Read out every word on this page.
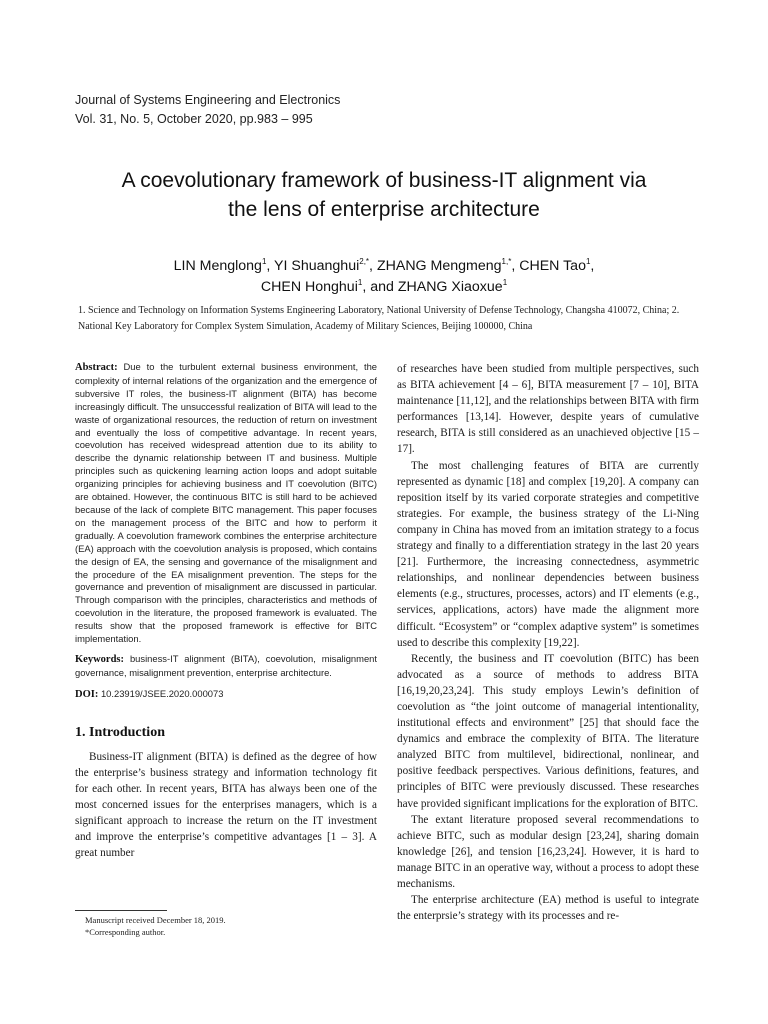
Journal of Systems Engineering and Electronics
Vol. 31, No. 5, October 2020, pp.983 – 995
A coevolutionary framework of business-IT alignment via
the lens of enterprise architecture
LIN Menglong$^1$, YI Shuanghui$^{2,*}$, ZHANG Mengmeng$^{1,*}$, CHEN Tao$^1$,
CHEN Honghui$^1$, and ZHANG Xiaoxue$^1$
1. Science and Technology on Information Systems Engineering Laboratory, National University of Defense Technology, Changsha 410072, China; 2. National Key Laboratory for Complex System Simulation, Academy of Military Sciences, Beijing 100000, China

Abstract: Due to the turbulent external business environment, the complexity of internal relations of the organization and the emergence of subversive IT roles, the business-IT alignment (BITA) has become increasingly difficult. The unsuccessful realization of BITA will lead to the waste of organizational resources, the reduction of return on investment and eventually the loss of competitive advantage. In recent years, coevolution has received widespread attention due to its ability to describe the dynamic relationship between IT and business. Multiple principles such as quickening learning action loops and adopt suitable organizing principles for achieving business and IT coevolution (BITC) are obtained. However, the continuous BITC is still hard to be achieved because of the lack of complete BITC management. This paper focuses on the management process of the BITC and how to perform it gradually. A coevolution framework combines the enterprise architecture (EA) approach with the coevolution analysis is proposed, which contains the design of EA, the sensing and governance of the misalignment and the procedure of the EA misalignment prevention. The steps for the governance and prevention of misalignment are discussed in particular. Through comparison with the principles, characteristics and methods of coevolution in the literature, the proposed framework is evaluated. The results show that the proposed framework is effective for BITC implementation.

Keywords: business-IT alignment (BITA), coevolution, misalignment governance, misalignment prevention, enterprise architecture.

DOI: 10.23919/JSEE.2020.000073
1. Introduction

Business-IT alignment (BITA) is defined as the degree of how the enterprise’s business strategy and information technology fit for each other. In recent years, BITA has always been one of the most concerned issues for the enterprises managers, which is a significant approach to increase the return on the IT investment and improve the enterprise’s competitive advantages [1 – 3]. A great number

of researches have been studied from multiple perspectives, such as BITA achievement [4 – 6], BITA measurement [7 – 10], BITA maintenance [11,12], and the relationships between BITA with firm performances [13,14]. However, despite years of cumulative research, BITA is still considered as an unachieved objective [15 – 17].

The most challenging features of BITA are currently represented as dynamic [18] and complex [19,20]. A company can reposition itself by its varied corporate strategies and competitive strategies. For example, the business strategy of the Li-Ning company in China has moved from an imitation strategy to a focus strategy and finally to a differentiation strategy in the last 20 years [21]. Furthermore, the increasing connectedness, asymmetric relationships, and nonlinear dependencies between business elements (e.g., structures, processes, actors) and IT elements (e.g., services, applications, actors) have made the alignment more difficult. “Ecosystem” or “complex adaptive system” is sometimes used to describe this complexity [19,22].

Recently, the business and IT coevolution (BITC) has been advocated as a source of methods to address BITA [16,19,20,23,24]. This study employs Lewin’s definition of coevolution as “the joint outcome of managerial intentionality, institutional effects and environment” [25] that should face the dynamics and embrace the complexity of BITA. The literature analyzed BITC from multilevel, bidirectional, nonlinear, and positive feedback perspectives. Various definitions, features, and principles of BITC were previously discussed. These researches have provided significant implications for the exploration of BITC.

The extant literature proposed several recommendations to achieve BITC, such as modular design [23,24], sharing domain knowledge [26], and tension [16,23,24]. However, it is hard to manage BITC in an operative way, without a process to adopt these mechanisms.

The enterprise architecture (EA) method is useful to integrate the enterprsie’s strategy with its processes and re-

Manuscript received December 18, 2019.
*Corresponding author.
